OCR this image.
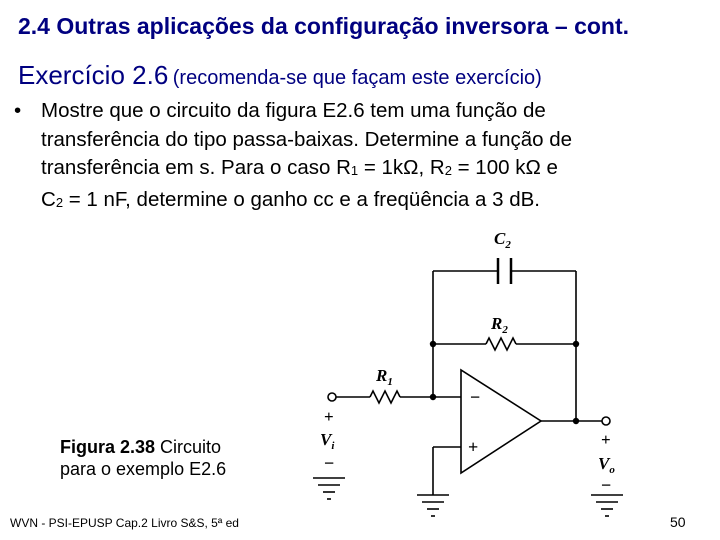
2.4 Outras aplicações da configuração inversora – cont.
Exercício 2.6 (recomenda-se que façam este exercício)
• Mostre que o circuito da figura E2.6 tem uma função de
transferência do tipo passa-baixas. Determine a função de
transferência em s. Para o caso $R_1 = 1k\Omega$, $R_2 = 100$ kΩ e
$C_2 = 1$ nF, determine o ganho cc e a freqüência a 3 dB.
$C_2$
$R_2$
$R_1$
−
+
+
$V_i$
−
+
$V_o$
−
Figura 2.38 Circuito
para o exemplo E2.6
WVN - PSI-EPUSP Cap.2 Livro S&S, 5ª ed	50
